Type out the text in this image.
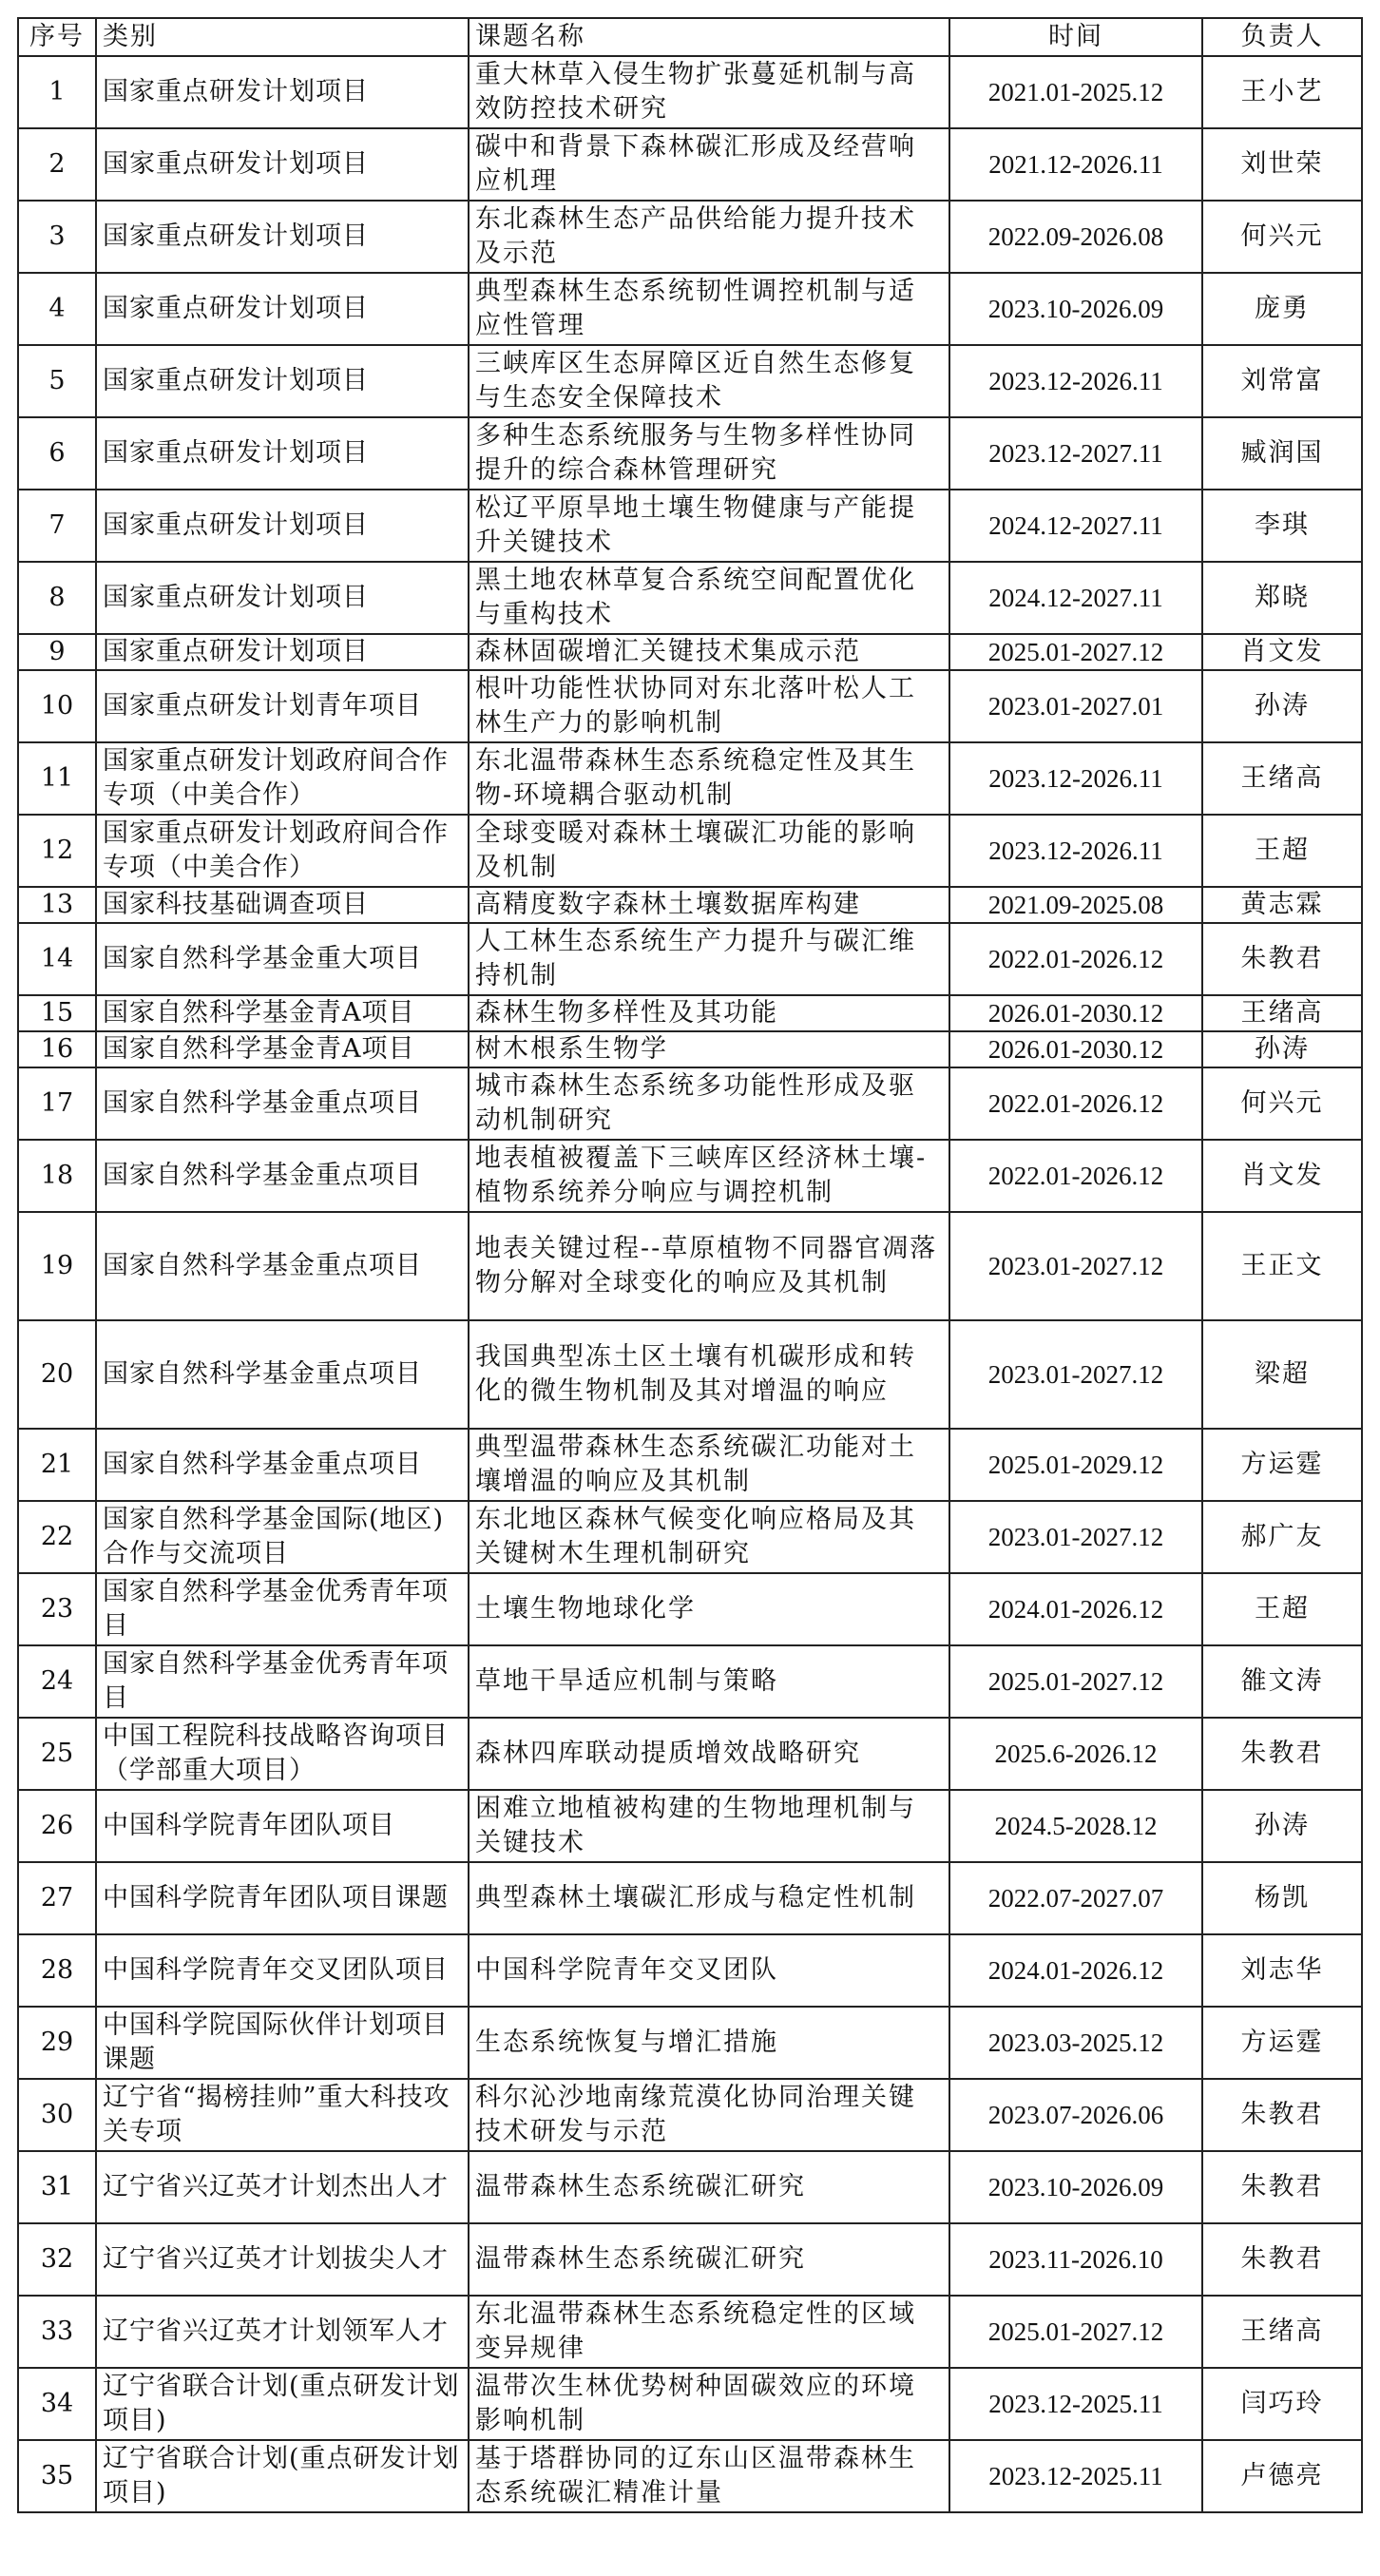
序号	类别	课题名称	时间	负责人
1	国家重点研发计划项目	重大林草入侵生物扩张蔓延机制与高效防控技术研究	2021.01-2025.12	王小艺
2	国家重点研发计划项目	碳中和背景下森林碳汇形成及经营响应机理	2021.12-2026.11	刘世荣
3	国家重点研发计划项目	东北森林生态产品供给能力提升技术及示范	2022.09-2026.08	何兴元
4	国家重点研发计划项目	典型森林生态系统韧性调控机制与适应性管理	2023.10-2026.09	庞勇
5	国家重点研发计划项目	三峡库区生态屏障区近自然生态修复与生态安全保障技术	2023.12-2026.11	刘常富
6	国家重点研发计划项目	多种生态系统服务与生物多样性协同提升的综合森林管理研究	2023.12-2027.11	臧润国
7	国家重点研发计划项目	松辽平原旱地土壤生物健康与产能提升关键技术	2024.12-2027.11	李琪
8	国家重点研发计划项目	黑土地农林草复合系统空间配置优化与重构技术	2024.12-2027.11	郑晓
9	国家重点研发计划项目	森林固碳增汇关键技术集成示范	2025.01-2027.12	肖文发
10	国家重点研发计划青年项目	根叶功能性状协同对东北落叶松人工林生产力的影响机制	2023.01-2027.01	孙涛
11	国家重点研发计划政府间合作专项（中美合作）	东北温带森林生态系统稳定性及其生物-环境耦合驱动机制	2023.12-2026.11	王绪高
12	国家重点研发计划政府间合作专项（中美合作）	全球变暖对森林土壤碳汇功能的影响及机制	2023.12-2026.11	王超
13	国家科技基础调查项目	高精度数字森林土壤数据库构建	2021.09-2025.08	黄志霖
14	国家自然科学基金重大项目	人工林生态系统生产力提升与碳汇维持机制	2022.01-2026.12	朱教君
15	国家自然科学基金青A项目	森林生物多样性及其功能	2026.01-2030.12	王绪高
16	国家自然科学基金青A项目	树木根系生物学	2026.01-2030.12	孙涛
17	国家自然科学基金重点项目	城市森林生态系统多功能性形成及驱动机制研究	2022.01-2026.12	何兴元
18	国家自然科学基金重点项目	地表植被覆盖下三峡库区经济林土壤-植物系统养分响应与调控机制	2022.01-2026.12	肖文发
19	国家自然科学基金重点项目	地表关键过程--草原植物不同器官凋落物分解对全球变化的响应及其机制	2023.01-2027.12	王正文
20	国家自然科学基金重点项目	我国典型冻土区土壤有机碳形成和转化的微生物机制及其对增温的响应	2023.01-2027.12	梁超
21	国家自然科学基金重点项目	典型温带森林生态系统碳汇功能对土壤增温的响应及其机制	2025.01-2029.12	方运霆
22	国家自然科学基金国际(地区)合作与交流项目	东北地区森林气候变化响应格局及其关键树木生理机制研究	2023.01-2027.12	郝广友
23	国家自然科学基金优秀青年项目	土壤生物地球化学	2024.01-2026.12	王超
24	国家自然科学基金优秀青年项目	草地干旱适应机制与策略	2025.01-2027.12	雒文涛
25	中国工程院科技战略咨询项目（学部重大项目）	森林四库联动提质增效战略研究	2025.6-2026.12	朱教君
26	中国科学院青年团队项目	困难立地植被构建的生物地理机制与关键技术	2024.5-2028.12	孙涛
27	中国科学院青年团队项目课题	典型森林土壤碳汇形成与稳定性机制	2022.07-2027.07	杨凯
28	中国科学院青年交叉团队项目	中国科学院青年交叉团队	2024.01-2026.12	刘志华
29	中国科学院国际伙伴计划项目课题	生态系统恢复与增汇措施	2023.03-2025.12	方运霆
30	辽宁省“揭榜挂帅”重大科技攻关专项	科尔沁沙地南缘荒漠化协同治理关键技术研发与示范	2023.07-2026.06	朱教君
31	辽宁省兴辽英才计划杰出人才	温带森林生态系统碳汇研究	2023.10-2026.09	朱教君
32	辽宁省兴辽英才计划拔尖人才	温带森林生态系统碳汇研究	2023.11-2026.10	朱教君
33	辽宁省兴辽英才计划领军人才	东北温带森林生态系统稳定性的区域变异规律	2025.01-2027.12	王绪高
34	辽宁省联合计划(重点研发计划项目)	温带次生林优势树种固碳效应的环境影响机制	2023.12-2025.11	闫巧玲
35	辽宁省联合计划(重点研发计划项目)	基于塔群协同的辽东山区温带森林生态系统碳汇精准计量	2023.12-2025.11	卢德亮
